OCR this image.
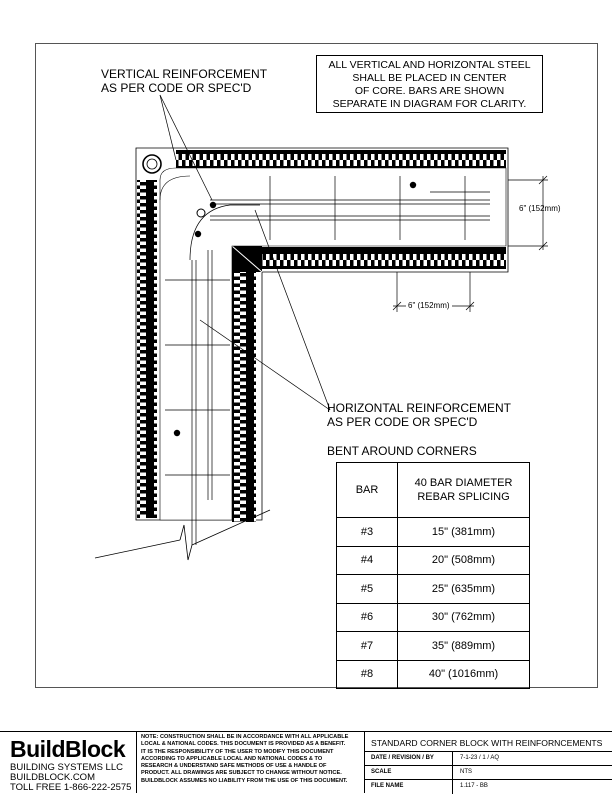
ALL VERTICAL AND HORIZONTAL STEEL
SHALL BE PLACED IN CENTER
OF CORE. BARS ARE SHOWN
SEPARATE IN DIAGRAM FOR CLARITY.
VERTICAL REINFORCEMENT
AS PER CODE OR SPEC'D
HORIZONTAL REINFORCEMENT
AS PER CODE OR SPEC'D
BENT AROUND CORNERS
6" (152mm)
6" (152mm)
BAR	40 BAR DIAMETER
REBAR SPLICING

#3	15" (381mm)
#4	20" (508mm)
#5	25" (635mm)
#6	30" (762mm)
#7	35" (889mm)
#8	40" (1016mm)
BuildBlock
BUILDING SYSTEMS LLC
BUILDBLOCK.COM
TOLL FREE 1-866-222-2575
NOTE: CONSTRUCTION SHALL BE IN ACCORDANCE WITH ALL APPLICABLE
LOCAL & NATIONAL CODES. THIS DOCUMENT IS PROVIDED AS A BENEFIT.
IT IS THE RESPONSIBILITY OF THE USER TO MODIFY THIS DOCUMENT
ACCORDING TO APPLICABLE LOCAL AND NATIONAL CODES & TO
RESEARCH & UNDERSTAND SAFE METHODS OF USE & HANDLE OF
PRODUCT. ALL DRAWINGS ARE SUBJECT TO CHANGE WITHOUT NOTICE.
BUILDBLOCK ASSUMES NO LIABILITY FROM THE USE OF THIS DOCUMENT.
STANDARD CORNER BLOCK WITH REINFORNCEMENTS
DATE / REVISION / BY	7-1-23 / 1 / AQ
SCALE	NTS
FILE NAME	1.117 - BB
